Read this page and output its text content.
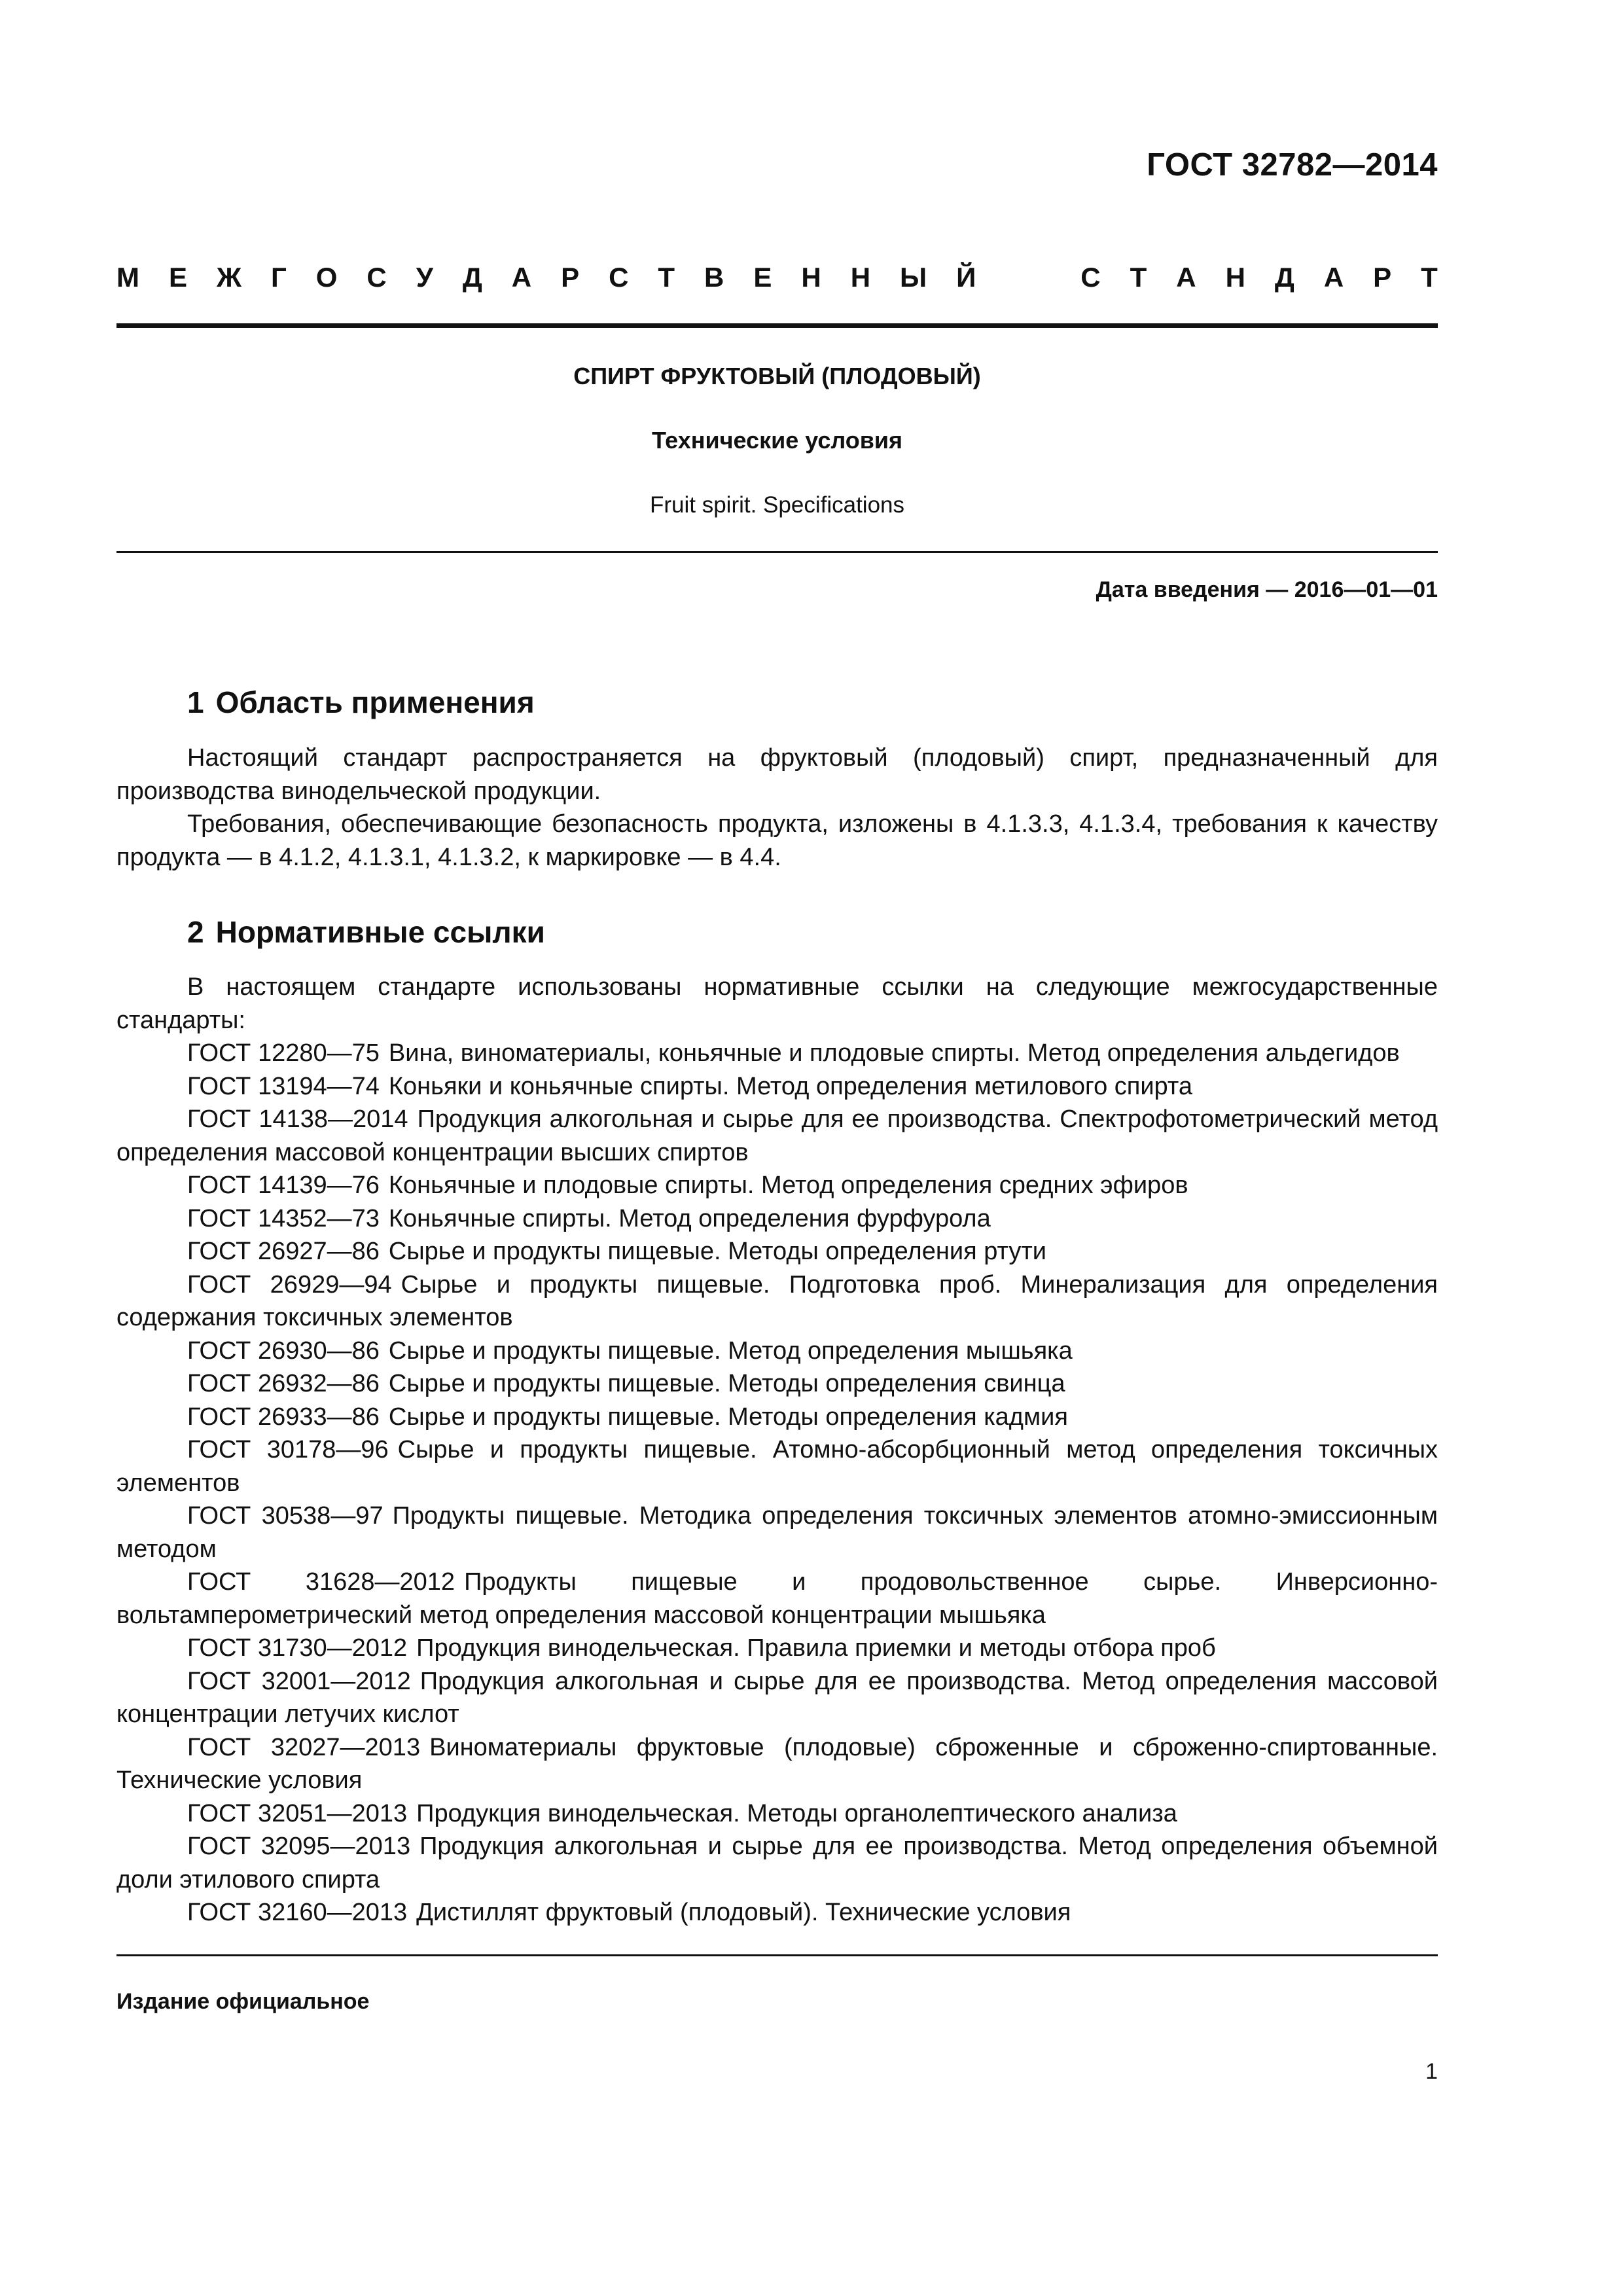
ГОСТ 32782—2014
М Е Ж Г О С У Д А Р С Т В Е Н Н Ы Й	С Т А Н Д А Р Т
СПИРТ ФРУКТОВЫЙ (ПЛОДОВЫЙ)
Технические условия
Fruit spirit. Specifications
Дата введения — 2016—01—01
1 Область применения

Настоящий стандарт распространяется на фруктовый (плодовый) спирт, предназначенный для производства винодельческой продукции.

Требования, обеспечивающие безопасность продукта, изложены в 4.1.3.3, 4.1.3.4, требования к качеству продукта — в 4.1.2, 4.1.3.1, 4.1.3.2, к маркировке — в 4.4.

2 Нормативные ссылки

В настоящем стандарте использованы нормативные ссылки на следующие межгосударственные стандарты:

ГОСТ 12280—75 Вина, виноматериалы, коньячные и плодовые спирты. Метод определения альдегидов

ГОСТ 13194—74 Коньяки и коньячные спирты. Метод определения метилового спирта

ГОСТ 14138—2014 Продукция алкогольная и сырье для ее производства. Спектрофотометрический метод определения массовой концентрации высших спиртов

ГОСТ 14139—76 Коньячные и плодовые спирты. Метод определения средних эфиров

ГОСТ 14352—73 Коньячные спирты. Метод определения фурфурола

ГОСТ 26927—86 Сырье и продукты пищевые. Методы определения ртути

ГОСТ 26929—94 Сырье и продукты пищевые. Подготовка проб. Минерализация для определения содержания токсичных элементов

ГОСТ 26930—86 Сырье и продукты пищевые. Метод определения мышьяка

ГОСТ 26932—86 Сырье и продукты пищевые. Методы определения свинца

ГОСТ 26933—86 Сырье и продукты пищевые. Методы определения кадмия

ГОСТ 30178—96 Сырье и продукты пищевые. Атомно-абсорбционный метод определения токсичных элементов

ГОСТ 30538—97 Продукты пищевые. Методика определения токсичных элементов атомно-эмиссионным методом

ГОСТ 31628—2012 Продукты пищевые и продовольственное сырье. Инверсионно-вольтамперометрический метод определения массовой концентрации мышьяка

ГОСТ 31730—2012 Продукция винодельческая. Правила приемки и методы отбора проб

ГОСТ 32001—2012 Продукция алкогольная и сырье для ее производства. Метод определения массовой концентрации летучих кислот

ГОСТ 32027—2013 Виноматериалы фруктовые (плодовые) сброженные и сброженно-спиртованные. Технические условия

ГОСТ 32051—2013 Продукция винодельческая. Методы органолептического анализа

ГОСТ 32095—2013 Продукция алкогольная и сырье для ее производства. Метод определения объемной доли этилового спирта

ГОСТ 32160—2013 Дистиллят фруктовый (плодовый). Технические условия

Издание официальное
1
